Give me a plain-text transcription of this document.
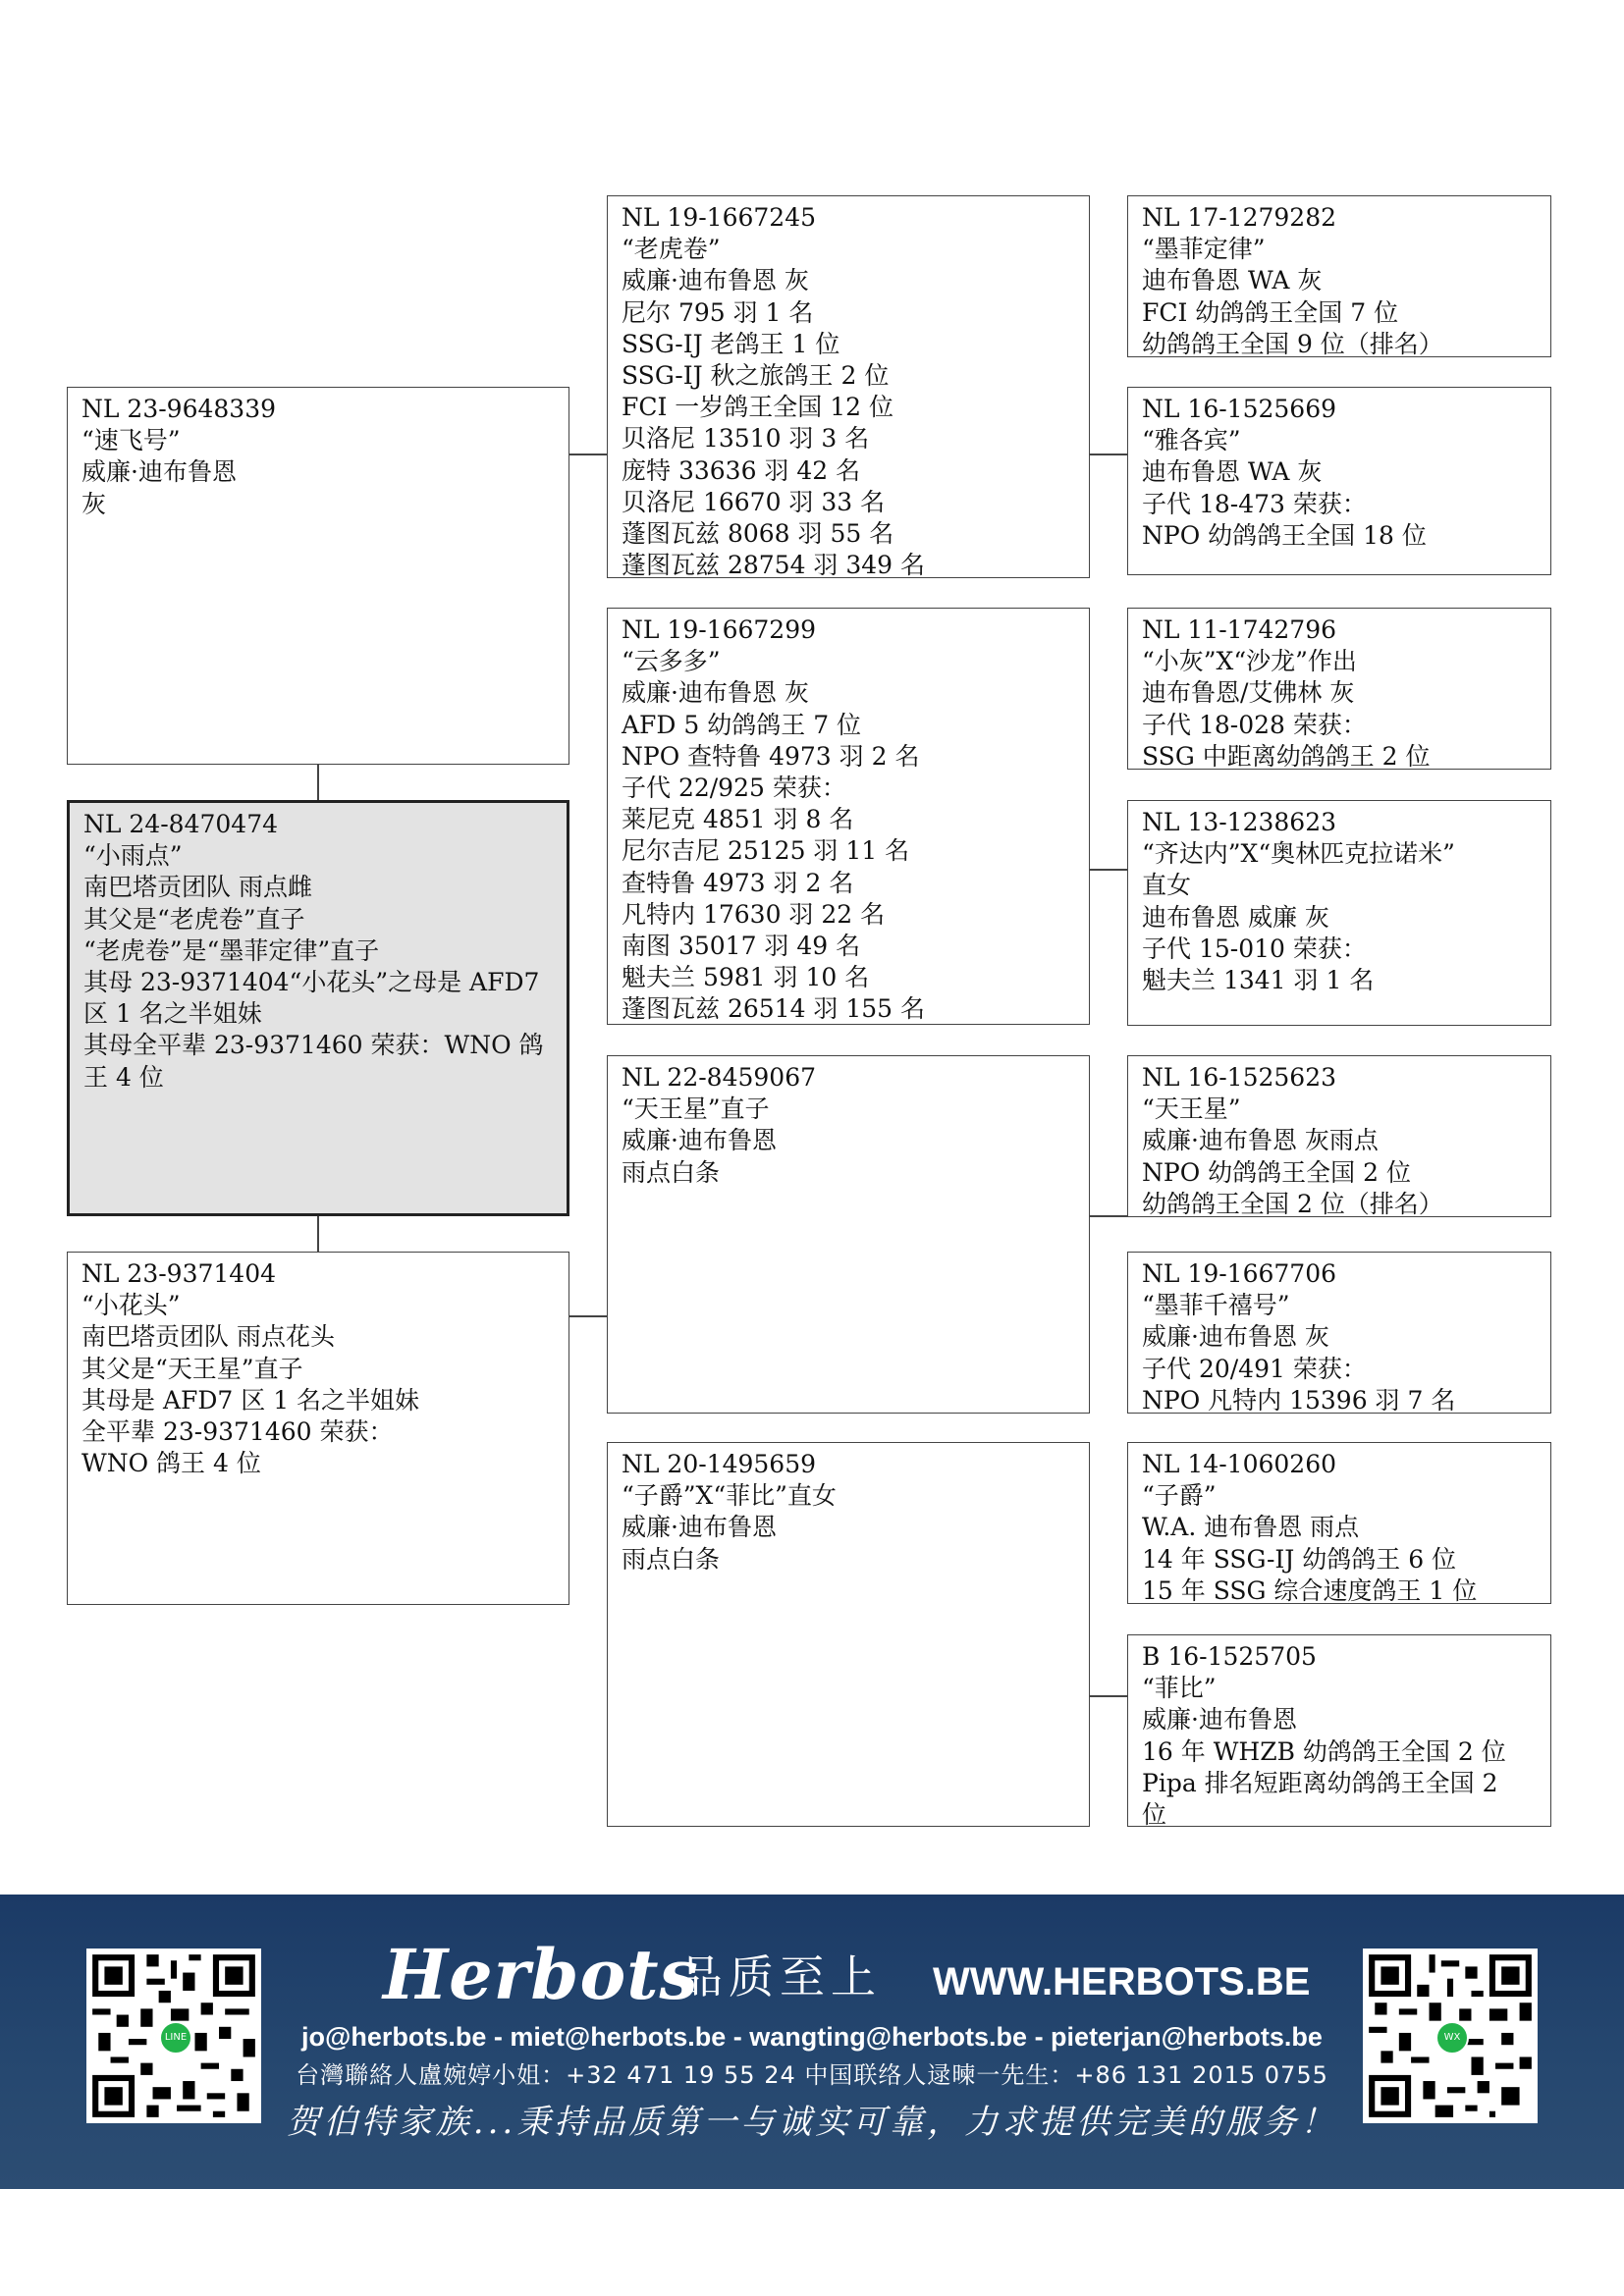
NL 23-9648339
“速飞号”
威廉·迪布鲁恩
灰
NL 24-8470474
“小雨点”
南巴塔贡团队 雨点雌
其父是“老虎卷”直子
“老虎卷”是“墨菲定律”直子
其母 23-9371404“小花头”之母是 AFD7 区 1 名之半姐妹
其母全平辈 23-9371460 荣获：WNO 鸽王 4 位
NL 23-9371404
“小花头”
南巴塔贡团队 雨点花头
其父是“天王星”直子
其母是 AFD7 区 1 名之半姐妹
全平辈 23-9371460 荣获：
WNO 鸽王 4 位
NL 19-1667245
“老虎卷”
威廉·迪布鲁恩 灰
尼尔 795 羽 1 名
SSG-IJ 老鸽王 1 位
SSG-IJ 秋之旅鸽王 2 位
FCI 一岁鸽王全国 12 位
贝洛尼 13510 羽 3 名
庞特 33636 羽 42 名
贝洛尼 16670 羽 33 名
蓬图瓦兹 8068 羽 55 名
蓬图瓦兹 28754 羽 349 名
NL 19-1667299
“云多多”
威廉·迪布鲁恩 灰
AFD 5 幼鸽鸽王 7 位
NPO 查特鲁 4973 羽 2 名
子代 22/925 荣获：
莱尼克 4851 羽 8 名
尼尔吉尼 25125 羽 11 名
查特鲁 4973 羽 2 名
凡特内 17630 羽 22 名
南图 35017 羽 49 名
魁夫兰 5981 羽 10 名
蓬图瓦兹 26514 羽 155 名
NL 22-8459067
“天王星”直子
威廉·迪布鲁恩
雨点白条
NL 20-1495659
“子爵”X“菲比”直女
威廉·迪布鲁恩
雨点白条
NL 17-1279282
“墨菲定律”
迪布鲁恩 WA 灰
FCI 幼鸽鸽王全国 7 位
幼鸽鸽王全国 9 位（排名）
NL 16-1525669
“雅各宾”
迪布鲁恩 WA 灰
子代 18-473 荣获：
NPO 幼鸽鸽王全国 18 位
NL 11-1742796
“小灰”X“沙龙”作出
迪布鲁恩/艾佛林 灰
子代 18-028 荣获：
SSG 中距离幼鸽鸽王 2 位
NL 13-1238623
“齐达内”X“奥林匹克拉诺米”
直女
迪布鲁恩 威廉 灰
子代 15-010 荣获：
魁夫兰 1341 羽 1 名
NL 16-1525623
“天王星”
威廉·迪布鲁恩 灰雨点
NPO 幼鸽鸽王全国 2 位
幼鸽鸽王全国 2 位（排名）
NL 19-1667706
“墨菲千禧号”
威廉·迪布鲁恩 灰
子代 20/491 荣获：
NPO 凡特内 15396 羽 7 名
NL 14-1060260
“子爵”
W.A. 迪布鲁恩 雨点
14 年 SSG-IJ 幼鸽鸽王 6 位
15 年 SSG 综合速度鸽王 1 位
B 16-1525705
“菲比”
威廉·迪布鲁恩
16 年 WHZB 幼鸽鸽王全国 2 位
Pipa 排名短距离幼鸽鸽王全国 2
位
LINE
Herbots
品质至上 WWW.HERBOTS.BE
jo@herbots.be - miet@herbots.be - wangting@herbots.be - pieterjan@herbots.be
台灣聯絡人盧婉婷小姐：+32 471 19 55 24 中国联络人逯暕一先生：+86 131 2015 0755
贺伯特家族...秉持品质第一与诚实可靠，力求提供完美的服务！
WX
